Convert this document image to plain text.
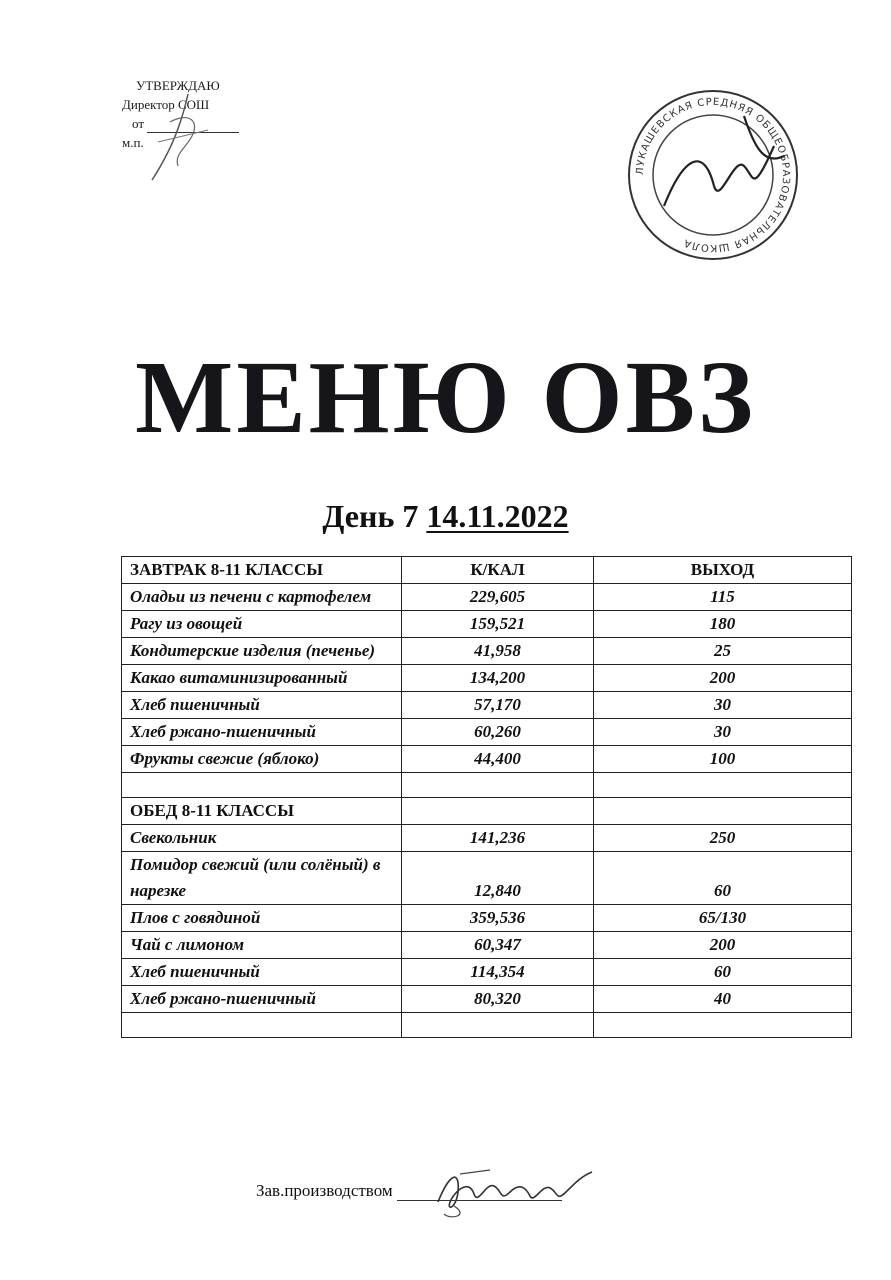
УТВЕРЖДАЮ
Директор СОШ
от
м.п.
ЛУКАШЕВСКАЯ СРЕДНЯЯ ОБЩЕОБРАЗОВАТЕЛЬНАЯ ШКОЛА
МЕНЮ ОВЗ
День 7 14.11.2022
ЗАВТРАК 8-11 КЛАССЫ	К/КАЛ	ВЫХОД
Оладьи из печени с картофелем	229,605	115
Рагу из овощей	159,521	180
Кондитерские изделия (печенье)	41,958	25
Какао витаминизированный	134,200	200
Хлеб пшеничный	57,170	30
Хлеб ржано-пшеничный	60,260	30
Фрукты свежие (яблоко)	44,400	100

ОБЕД 8-11 КЛАССЫ		
Свекольник	141,236	250
Помидор свежий (или солёный) в нарезке	12,840	60
Плов с говядиной	359,536	65/130
Чай с лимоном	60,347	200
Хлеб пшеничный	114,354	60
Хлеб ржано-пшеничный	80,320	40

Зав.производством
